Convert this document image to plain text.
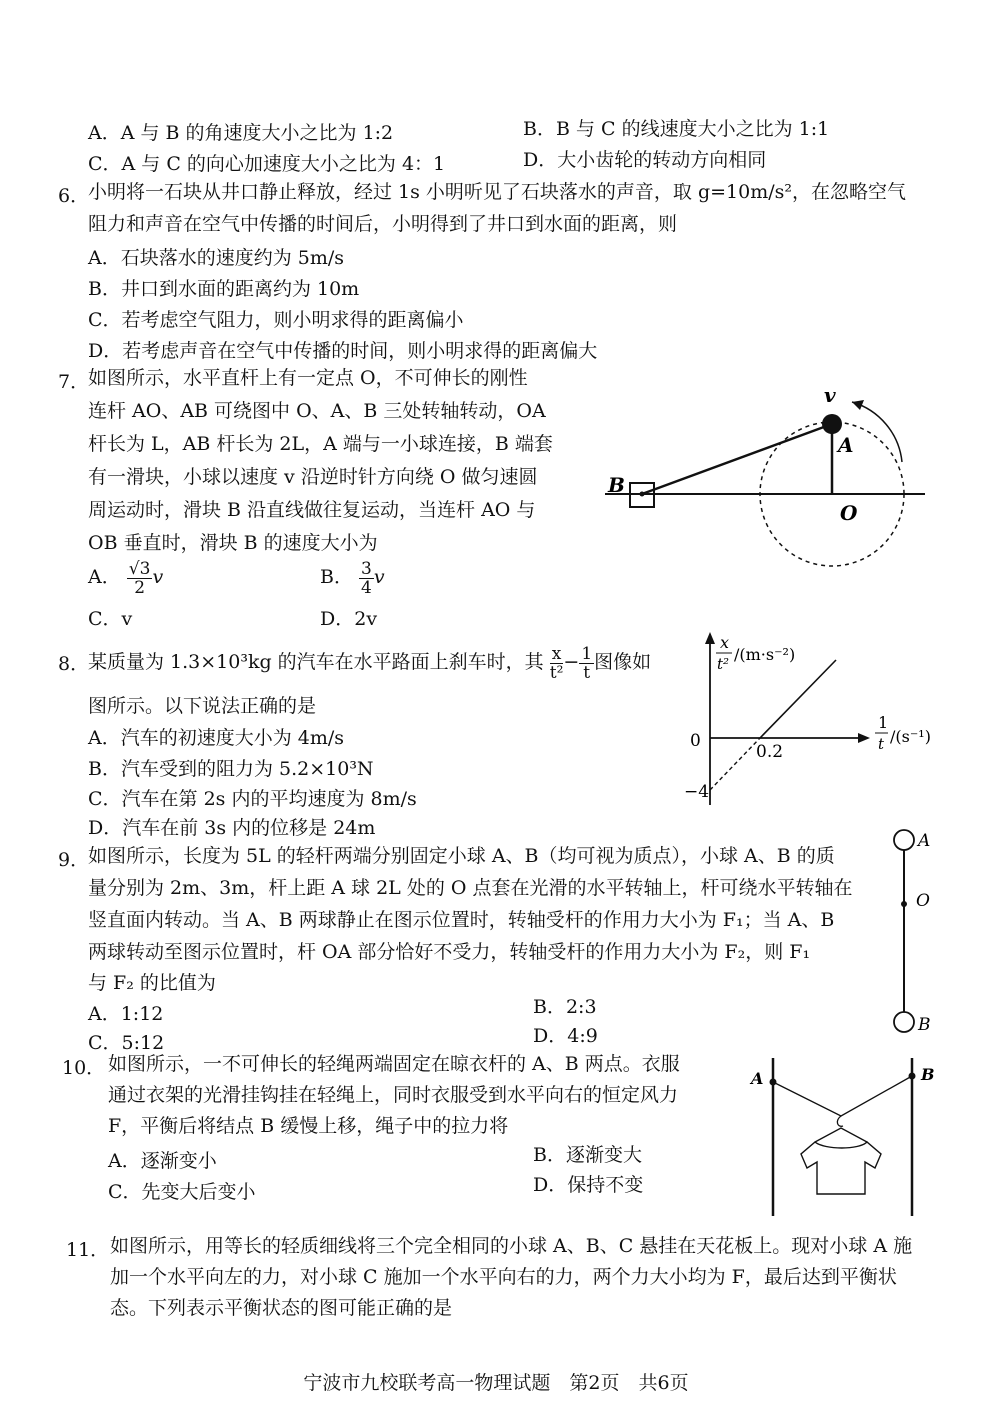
A．A 与 B 的角速度大小之比为 1:2	B．B 与 C 的线速度大小之比为 1:1
C．A 与 C 的向心加速度大小之比为 4：1	D．大小齿轮的转动方向相同
6．
小明将一石块从井口静止释放，经过 1s 小明听见了石块落水的声音，取 g=10m/s²，在忽略空气
阻力和声音在空气中传播的时间后，小明得到了井口到水面的距离，则
A．石块落水的速度约为 5m/s
B．井口到水面的距离约为 10m
C．若考虑空气阻力，则小明求得的距离偏小
D．若考虑声音在空气中传播的时间，则小明求得的距离偏大
7．
如图所示，水平直杆上有一定点 O，不可伸长的刚性
连杆 AO、AB 可绕图中 O、A、B 三处转轴转动，OA
杆长为 L，AB 杆长为 2L，A 端与一小球连接，B 端套
有一滑块，小球以速度 v 沿逆时针方向绕 O 做匀速圆
周运动时，滑块 B 沿直线做往复运动，当连杆 AO 与
OB 垂直时，滑块 B 的速度大小为
A． $\frac{√3}{2}$ v	B． $\frac{3}{4}$ v
C．v	D．2v
v
A
B
O
8．
某质量为 1.3×10³kg 的汽车在水平路面上刹车时，其 $\frac{x}{\text{t²}} - \frac{1}{t}$ 图像如
图所示。以下说法正确的是
A．汽车的初速度大小为 4m/s
B．汽车受到的阻力为 5.2×10³N
C．汽车在第 2s 内的平均速度为 8m/s
D．汽车在前 3s 内的位移是 24m
0
0.2
−4
x
t² /(m·s⁻²)
1
t /(s⁻¹)
9．
如图所示，长度为 5L 的轻杆两端分别固定小球 A、B（均可视为质点），小球 A、B 的质
量分别为 2m、3m，杆上距 A 球 2L 处的 O 点套在光滑的水平转轴上，杆可绕水平转轴在
竖直面内转动。当 A、B 两球静止在图示位置时，转轴受杆的作用力大小为 F₁；当 A、B
两球转动至图示位置时，杆 OA 部分恰好不受力，转轴受杆的作用力大小为 F₂，则 F₁
与 F₂ 的比值为
A．1:12	B．2:3
C．5:12	D．4:9
A
O
B
10． 如图所示，一不可伸长的轻绳两端固定在晾衣杆的 A、B 两点。衣服
通过衣架的光滑挂钩挂在轻绳上，同时衣服受到水平向右的恒定风力
F，平衡后将结点 B 缓慢上移，绳子中的拉力将
A．逐渐变小	B．逐渐变大
C．先变大后变小	D．保持不变
A	B
11． 如图所示，用等长的轻质细线将三个完全相同的小球 A、B、C 悬挂在天花板上。现对小球 A 施
加一个水平向左的力，对小球 C 施加一个水平向右的力，两个力大小均为 F，最后达到平衡状
态。下列表示平衡状态的图可能正确的是
宁波市九校联考高一物理试题　第2页　共6页
